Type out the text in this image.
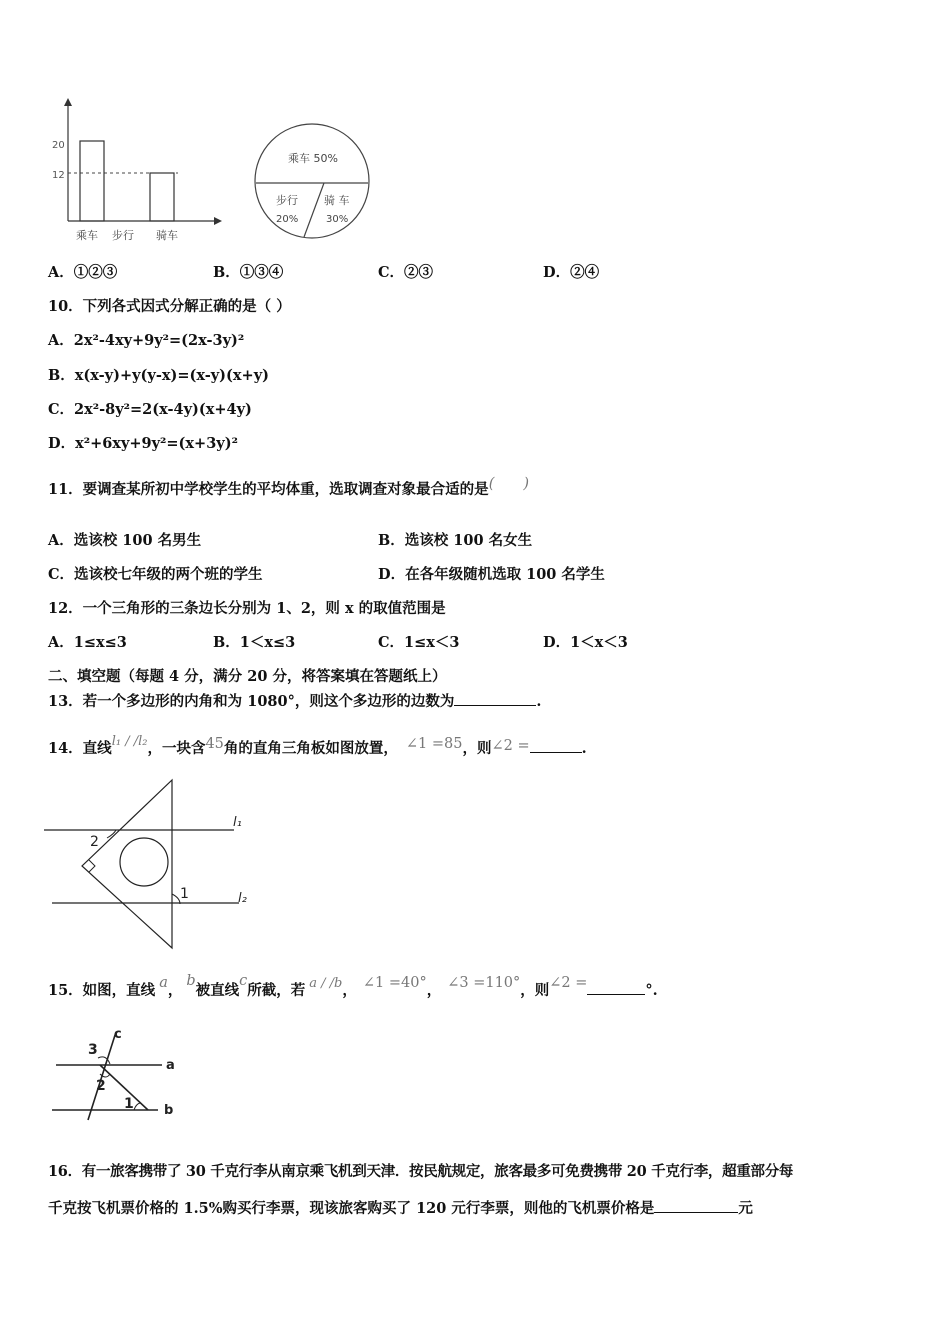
20
12
乘车 步行 骑车
乘车 50%
步行
20%
骑 车
30%
A．①②③	B．①③④	C．②③	D．②④
10．下列各式因式分解正确的是（ ）
A．2x²-4xy+9y²=(2x-3y)²
B．x(x-y)+y(y-x)=(x-y)(x+y)
C．2x²-8y²=2(x-4y)(x+4y)
D．x²+6xy+9y²=(x+3y)²
11．要调查某所初中学校学生的平均体重，选取调查对象最合适的是(　　)
A．选该校 100 名男生	B．选该校 100 名女生
C．选该校七年级的两个班的学生	D．在各年级随机选取 100 名学生
12．一个三角形的三条边长分别为 1、2，则 x 的取值范围是
A．1≤x≤3	B．1＜x≤3	C．1≤x＜3	D．1＜x＜3
二、填空题（每题 4 分，满分 20 分，将答案填在答题纸上）
13．若一个多边形的内角和为 1080°，则这个多边形的边数为	.
14．直线l₁ / /l₂，一块含45角的直角三角板如图放置， ∠1 =85，则∠2 =	.
2
1
l₁
l₂
15．如图，直线 a，b被直线c所截，若 a / /b， ∠1 =40°， ∠3 =110°，则∠2 =	°.
c
3
a
2
1 b
16．有一旅客携带了 30 千克行李从南京乘飞机到天津．按民航规定，旅客最多可免费携带 20 千克行李，超重部分每
千克按飞机票价格的 1.5%购买行李票，现该旅客购买了 120 元行李票，则他的飞机票价格是	元
